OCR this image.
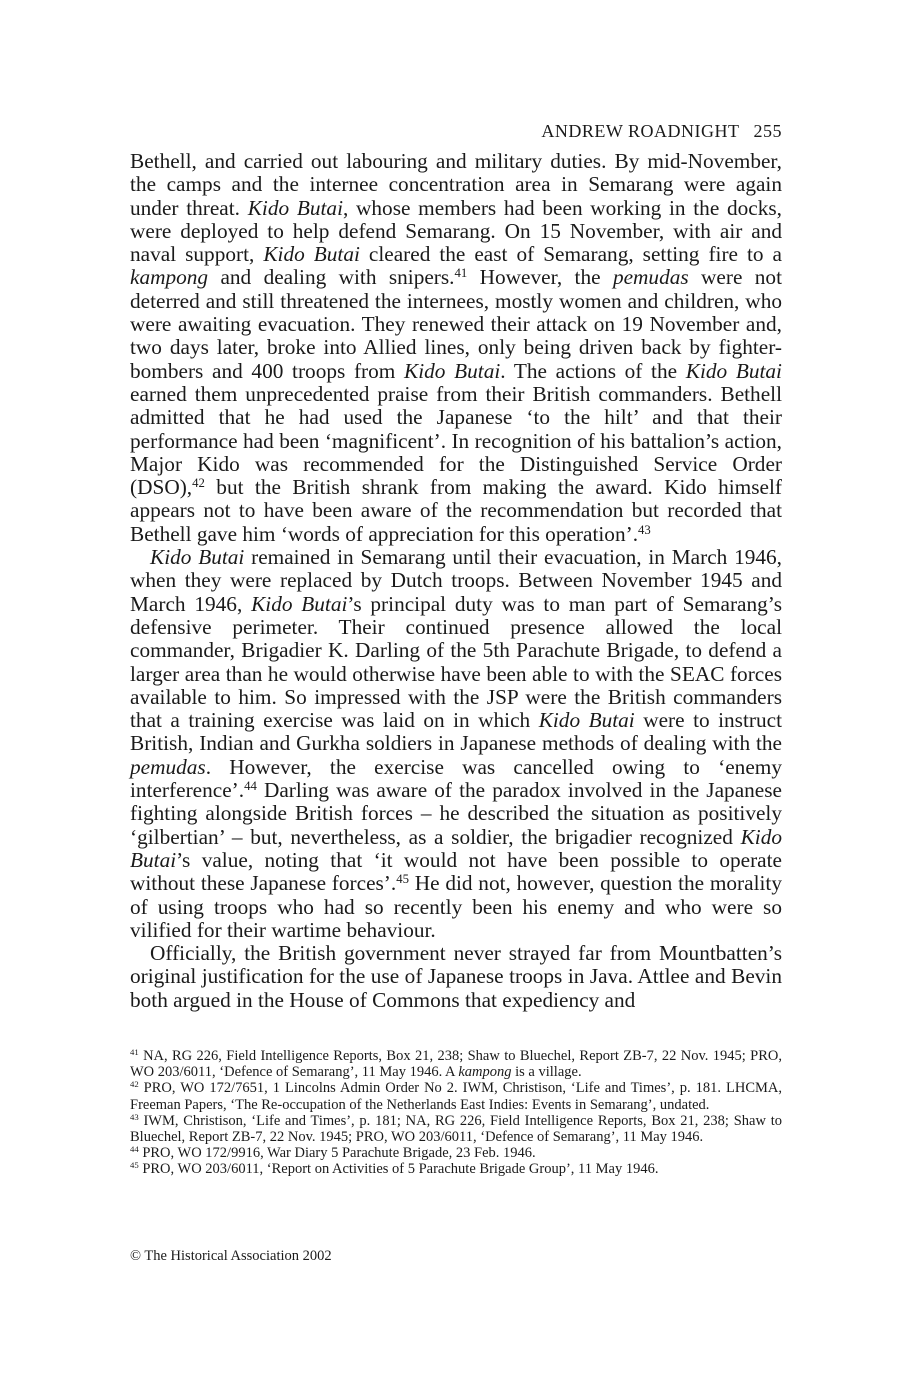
ANDREW ROADNIGHT 255

Bethell, and carried out labouring and military duties. By mid-November, the camps and the internee concentration area in Semarang were again under threat. Kido Butai, whose members had been working in the docks, were deployed to help defend Semarang. On 15 November, with air and naval support, Kido Butai cleared the east of Semarang, setting fire to a kampong and dealing with snipers.$^{41}$ However, the pemudas were not deterred and still threatened the internees, mostly women and children, who were awaiting evacuation. They renewed their attack on 19 November and, two days later, broke into Allied lines, only being driven back by fighter-bombers and 400 troops from Kido Butai. The actions of the Kido Butai earned them unprecedented praise from their British commanders. Bethell admitted that he had used the Japanese ‘to the hilt’ and that their performance had been ‘magnificent’. In recognition of his battalion’s action, Major Kido was recommended for the Distinguished Service Order (DSO),$^{42}$ but the British shrank from making the award. Kido himself appears not to have been aware of the recommendation but recorded that Bethell gave him ‘words of appreciation for this operation’.$^{43}$

Kido Butai remained in Semarang until their evacuation, in March 1946, when they were replaced by Dutch troops. Between November 1945 and March 1946, Kido Butai’s principal duty was to man part of Semarang’s defensive perimeter. Their continued presence allowed the local commander, Brigadier K. Darling of the 5th Parachute Brigade, to defend a larger area than he would otherwise have been able to with the SEAC forces available to him. So impressed with the JSP were the British commanders that a training exercise was laid on in which Kido Butai were to instruct British, Indian and Gurkha soldiers in Japanese methods of dealing with the pemudas. However, the exercise was cancelled owing to ‘enemy interference’.$^{44}$ Darling was aware of the paradox involved in the Japanese fighting alongside British forces – he described the situation as positively ‘gilbertian’ – but, nevertheless, as a soldier, the brigadier recognized Kido Butai’s value, noting that ‘it would not have been possible to operate without these Japanese forces’.$^{45}$ He did not, however, question the morality of using troops who had so recently been his enemy and who were so vilified for their wartime behaviour.

Officially, the British government never strayed far from Mountbatten’s original justification for the use of Japanese troops in Java. Attlee and Bevin both argued in the House of Commons that expediency and

$^{41}$ NA, RG 226, Field Intelligence Reports, Box 21, 238; Shaw to Bluechel, Report ZB-7, 22 Nov. 1945; PRO, WO 203/6011, ‘Defence of Semarang’, 11 May 1946. A kampong is a village.

$^{42}$ PRO, WO 172/7651, 1 Lincolns Admin Order No 2. IWM, Christison, ‘Life and Times’, p. 181. LHCMA, Freeman Papers, ‘The Re-occupation of the Netherlands East Indies: Events in Semarang’, undated.

$^{43}$ IWM, Christison, ‘Life and Times’, p. 181; NA, RG 226, Field Intelligence Reports, Box 21, 238; Shaw to Bluechel, Report ZB-7, 22 Nov. 1945; PRO, WO 203/6011, ‘Defence of Semarang’, 11 May 1946.

$^{44}$ PRO, WO 172/9916, War Diary 5 Parachute Brigade, 23 Feb. 1946.

$^{45}$ PRO, WO 203/6011, ‘Report on Activities of 5 Parachute Brigade Group’, 11 May 1946.

© The Historical Association 2002
